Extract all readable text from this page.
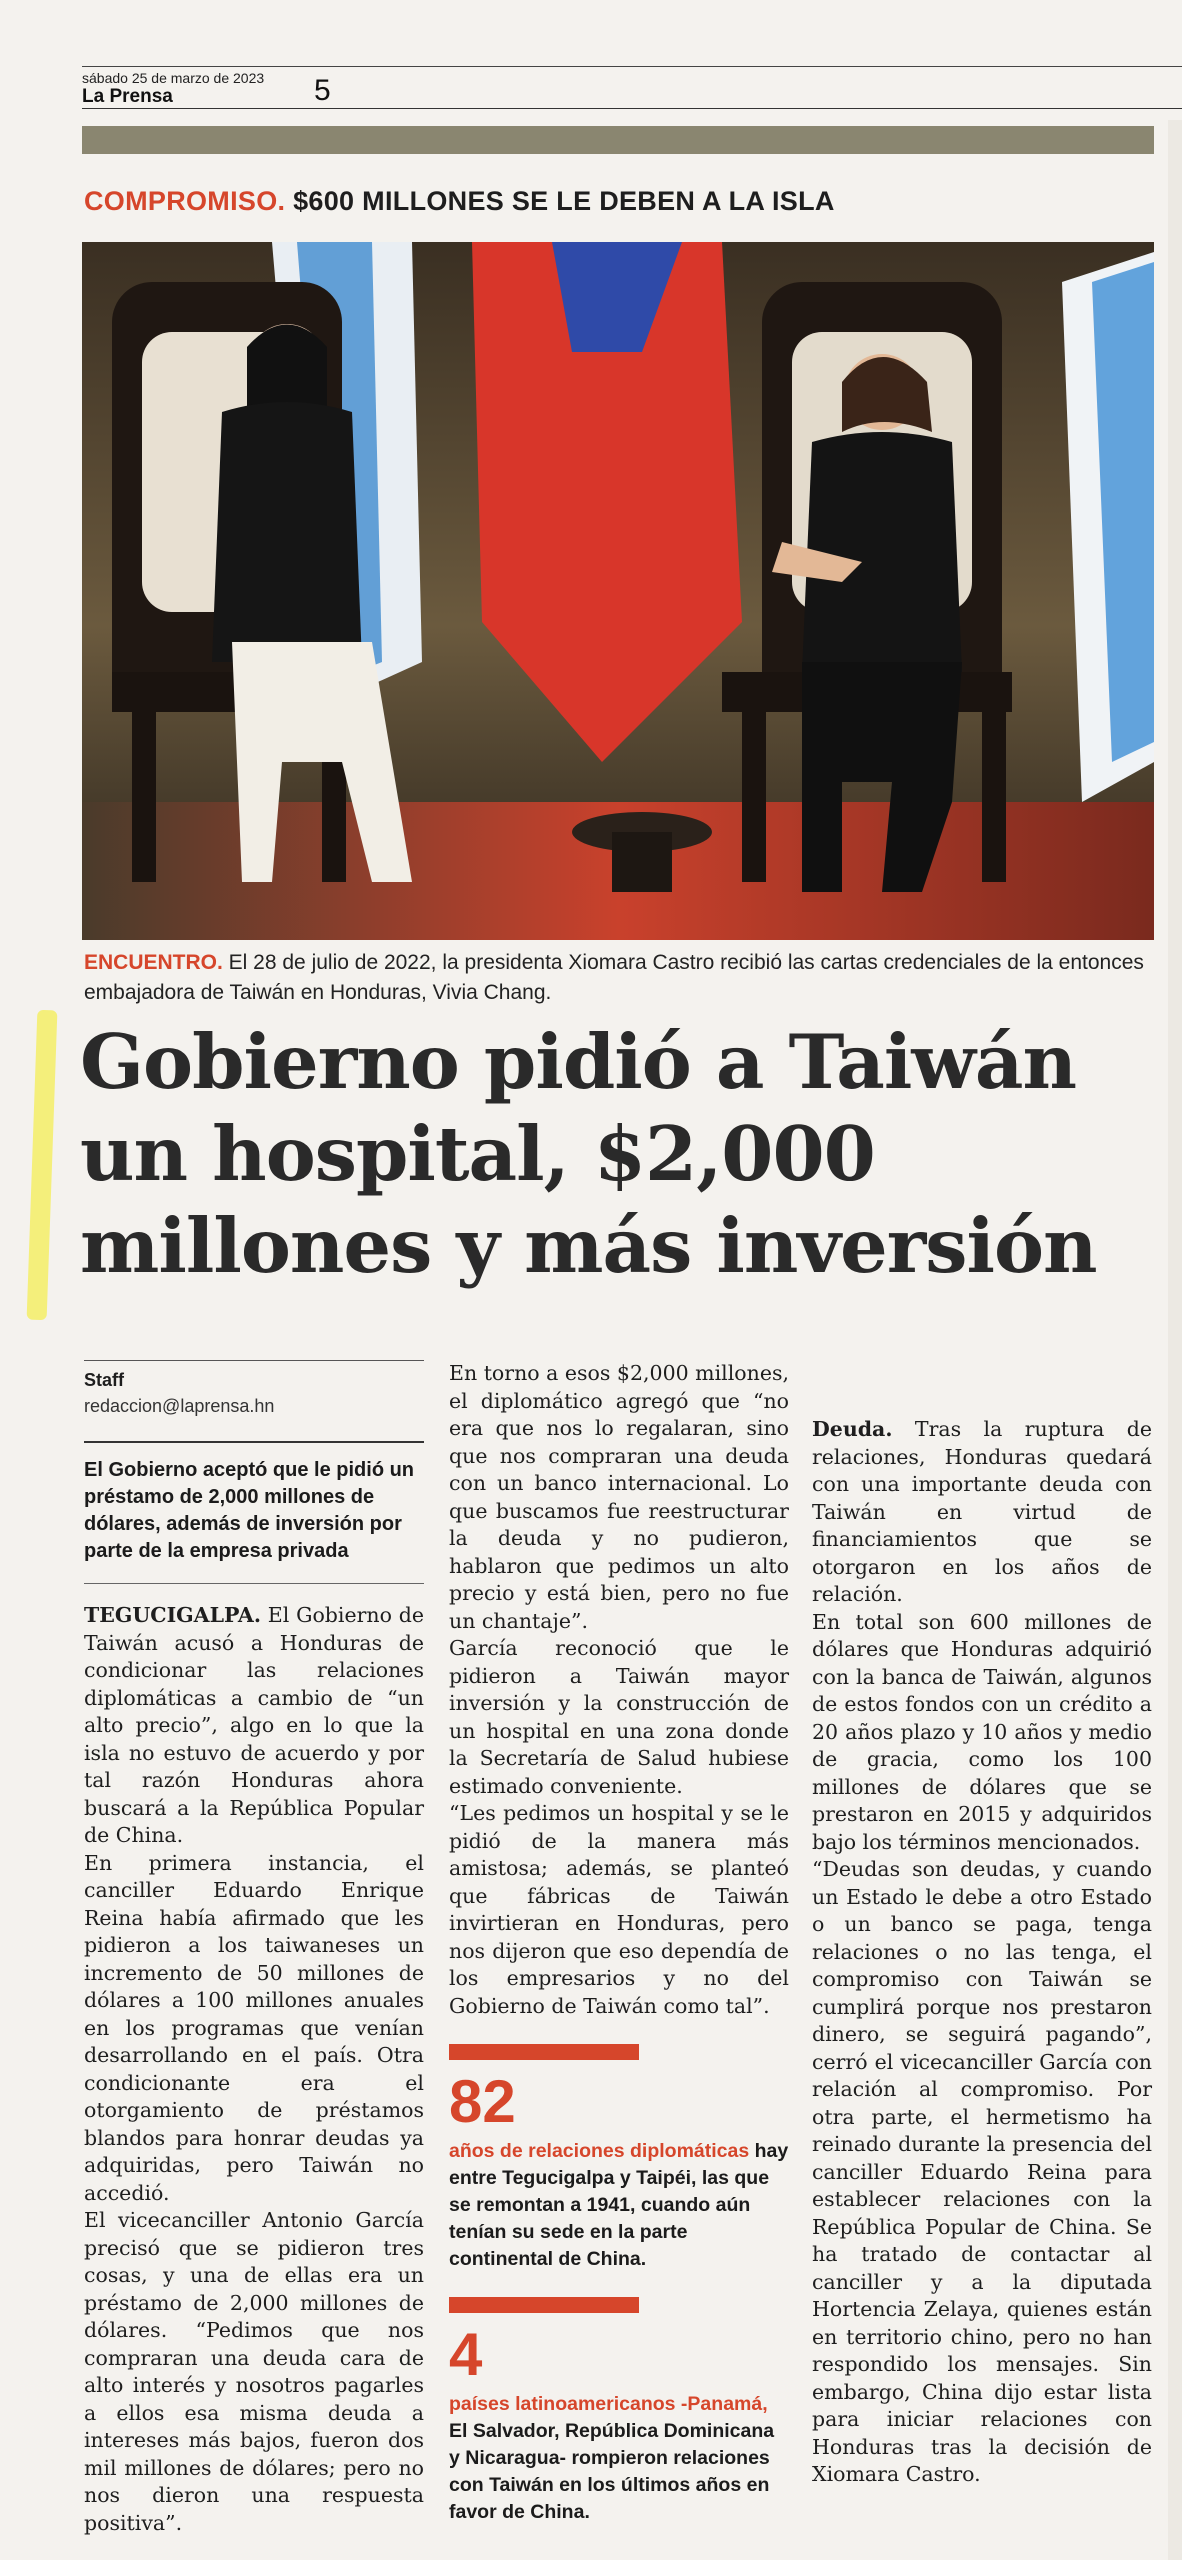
sábado 25 de marzo de 2023
La Prensa	5
COMPROMISO. $600 MILLONES SE LE DEBEN A LA ISLA
ENCUENTRO. El 28 de julio de 2022, la presidenta Xiomara Castro recibió las cartas credenciales de la entonces embajadora de Taiwán en Honduras, Vivia Chang.
Gobierno pidió a Taiwán un hospital, $2,000 millones y más inversión
Staff
redaccion@laprensa.hn
El Gobierno aceptó que le pidió un préstamo de 2,000 millones de dólares, además de inversión por parte de la empresa privada

TEGUCIGALPA. El Gobierno de Taiwán acusó a Honduras de condicionar las relaciones diplomáticas a cambio de “un alto precio”, algo en lo que la isla no estuvo de acuerdo y por tal razón Honduras ahora buscará a la República Popular de China.

En primera instancia, el canciller Eduardo Enrique Reina había afirmado que les pidieron a los taiwaneses un incremento de 50 millones de dólares a 100 millones anuales en los programas que venían desarrollando en el país. Otra condicionante era el otorgamiento de préstamos blandos para honrar deudas ya adquiridas, pero Taiwán no accedió.

El vicecanciller Antonio García precisó que se pidieron tres cosas, y una de ellas era un préstamo de 2,000 millones de dólares. “Pedimos que nos compraran una deuda cara de alto interés y nosotros pagarles a ellos esa misma deuda a intereses más bajos, fueron dos mil millones de dólares; pero no nos dieron una respuesta positiva”.

En torno a esos $2,000 millones, el diplomático agregó que “no era que nos lo regalaran, sino que nos compraran una deuda con un banco internacional. Lo que buscamos fue reestructurar la deuda y no pudieron, hablaron que pedimos un alto precio y está bien, pero no fue un chantaje”.

García reconoció que le pidieron a Taiwán mayor inversión y la construcción de un hospital en una zona donde la Secretaría de Salud hubiese estimado conveniente.

“Les pedimos un hospital y se le pidió de la manera más amistosa; además, se planteó que fábricas de Taiwán invirtieran en Honduras, pero nos dijeron que eso dependía de los empresarios y no del Gobierno de Taiwán como tal”.

82
años de relaciones diplomáticas hay entre Tegucigalpa y Taipéi, las que se remontan a 1941, cuando aún tenían su sede en la parte continental de China.
4
países latinoamericanos -Panamá, El Salvador, República Dominicana y Nicaragua- rompieron relaciones con Taiwán en los últimos años en favor de China.

Deuda. Tras la ruptura de relaciones, Honduras quedará con una importante deuda con Taiwán en virtud de financiamientos que se otorgaron en los años de relación.

En total son 600 millones de dólares que Honduras adquirió con la banca de Taiwán, algunos de estos fondos con un crédito a 20 años plazo y 10 años y medio de gracia, como los 100 millones de dólares que se prestaron en 2015 y adquiridos bajo los términos mencionados.

“Deudas son deudas, y cuando un Estado le debe a otro Estado o un banco se paga, tenga relaciones o no las tenga, el compromiso con Taiwán se cumplirá porque nos prestaron dinero, se seguirá pagando”, cerró el vicecanciller García con relación al compromiso. Por otra parte, el hermetismo ha reinado durante la presencia del canciller Eduardo Reina para establecer relaciones con la República Popular de China. Se ha tratado de contactar al canciller y a la diputada Hortencia Zelaya, quienes están en territorio chino, pero no han respondido los mensajes. Sin embargo, China dijo estar lista para iniciar relaciones con Honduras tras la decisión de Xiomara Castro.
